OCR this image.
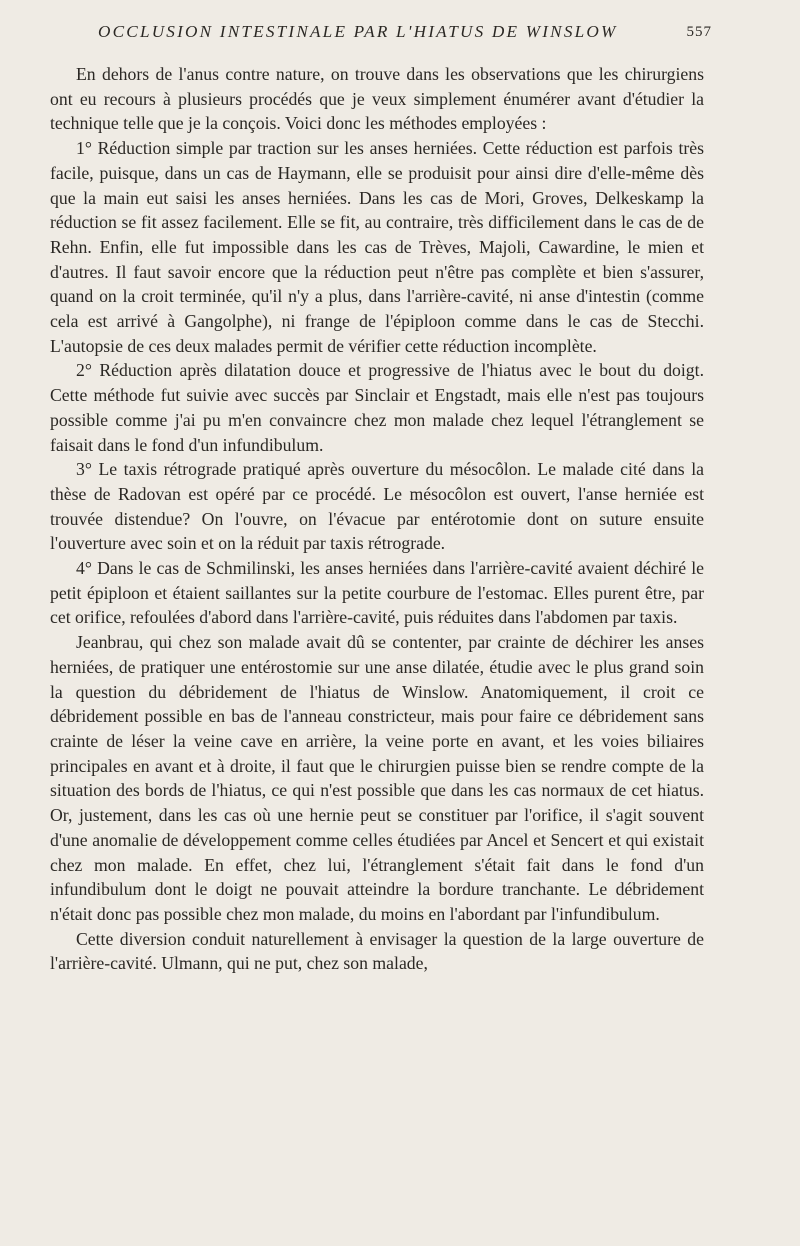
OCCLUSION INTESTINALE PAR L'HIATUS DE WINSLOW	557

En dehors de l'anus contre nature, on trouve dans les observations que les chirurgiens ont eu recours à plusieurs procédés que je veux simplement énumérer avant d'étudier la technique telle que je la conçois. Voici donc les méthodes employées :

1° Réduction simple par traction sur les anses herniées. Cette réduction est parfois très facile, puisque, dans un cas de Haymann, elle se produisit pour ainsi dire d'elle-même dès que la main eut saisi les anses herniées. Dans les cas de Mori, Groves, Delkeskamp la réduction se fit assez facilement. Elle se fit, au contraire, très difficilement dans le cas de de Rehn. Enfin, elle fut impossible dans les cas de Trèves, Majoli, Cawardine, le mien et d'autres. Il faut savoir encore que la réduction peut n'être pas complète et bien s'assurer, quand on la croit terminée, qu'il n'y a plus, dans l'arrière-cavité, ni anse d'intestin (comme cela est arrivé à Gangolphe), ni frange de l'épiploon comme dans le cas de Stecchi. L'autopsie de ces deux malades permit de vérifier cette réduction incomplète.

2° Réduction après dilatation douce et progressive de l'hiatus avec le bout du doigt. Cette méthode fut suivie avec succès par Sinclair et Engstadt, mais elle n'est pas toujours possible comme j'ai pu m'en convaincre chez mon malade chez lequel l'étranglement se faisait dans le fond d'un infundibulum.

3° Le taxis rétrograde pratiqué après ouverture du mésocôlon. Le malade cité dans la thèse de Radovan est opéré par ce procédé. Le mésocôlon est ouvert, l'anse herniée est trouvée distendue? On l'ouvre, on l'évacue par entérotomie dont on suture ensuite l'ouverture avec soin et on la réduit par taxis rétrograde.

4° Dans le cas de Schmilinski, les anses herniées dans l'arrière-cavité avaient déchiré le petit épiploon et étaient saillantes sur la petite courbure de l'estomac. Elles purent être, par cet orifice, refoulées d'abord dans l'arrière-cavité, puis réduites dans l'abdomen par taxis.

Jeanbrau, qui chez son malade avait dû se contenter, par crainte de déchirer les anses herniées, de pratiquer une entérostomie sur une anse dilatée, étudie avec le plus grand soin la question du débridement de l'hiatus de Winslow. Anatomiquement, il croit ce débridement possible en bas de l'anneau constricteur, mais pour faire ce débridement sans crainte de léser la veine cave en arrière, la veine porte en avant, et les voies biliaires principales en avant et à droite, il faut que le chirurgien puisse bien se rendre compte de la situation des bords de l'hiatus, ce qui n'est possible que dans les cas normaux de cet hiatus. Or, justement, dans les cas où une hernie peut se constituer par l'orifice, il s'agit souvent d'une anomalie de développement comme celles étudiées par Ancel et Sencert et qui existait chez mon malade. En effet, chez lui, l'étranglement s'était fait dans le fond d'un infundibulum dont le doigt ne pouvait atteindre la bordure tranchante. Le débridement n'était donc pas possible chez mon malade, du moins en l'abordant par l'infundibulum.

Cette diversion conduit naturellement à envisager la question de la large ouverture de l'arrière-cavité. Ulmann, qui ne put, chez son malade,
